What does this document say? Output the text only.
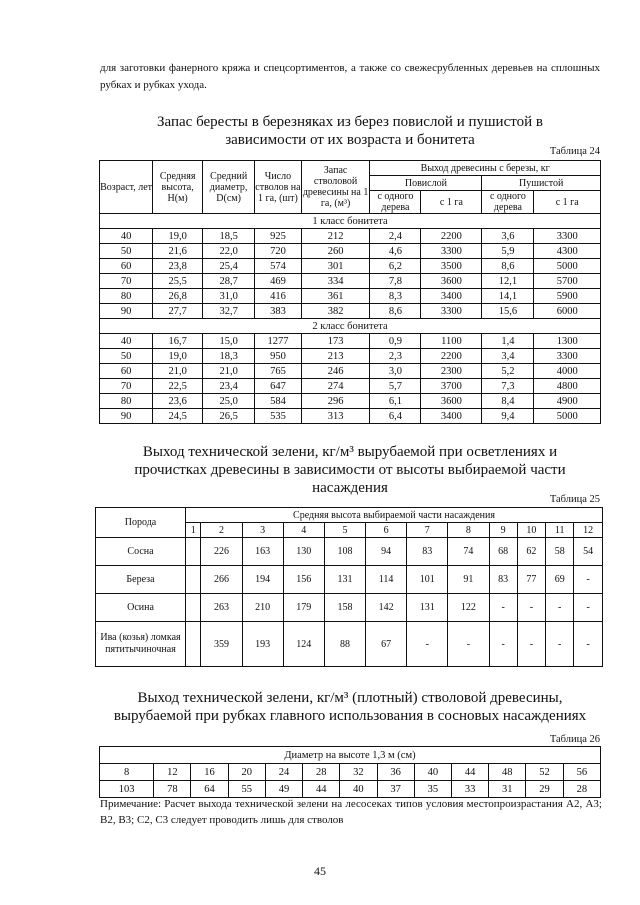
для заготовки фанерного кряжа и спецсортиментов, а также со свежесрубленных деревьев на сплошных рубках и рубках ухода.
Запас бересты в березняках из берез повислой и пушистой в
зависимости от их возраста и бонитета
Таблица 24
Возраст, лет	Средняя высота, Н(м)	Средний диаметр, D(см)	Число стволов на 1 га, (шт)	Запас стволовой древесины на 1 га, (м³)	Выход древесины с березы, кг			
					Повислой		Пушистой	
					с одного дерева	с 1 га	с одного дерева	с 1 га
1 класс бонитета								
40	19,0	18,5	925	212	2,4	2200	3,6	3300
50	21,6	22,0	720	260	4,6	3300	5,9	4300
60	23,8	25,4	574	301	6,2	3500	8,6	5000
70	25,5	28,7	469	334	7,8	3600	12,1	5700
80	26,8	31,0	416	361	8,3	3400	14,1	5900
90	27,7	32,7	383	382	8,6	3300	15,6	6000
2 класс бонитета								
40	16,7	15,0	1277	173	0,9	1100	1,4	1300
50	19,0	18,3	950	213	2,3	2200	3,4	3300
60	21,0	21,0	765	246	3,0	2300	5,2	4000
70	22,5	23,4	647	274	5,7	3700	7,3	4800
80	23,6	25,0	584	296	6,1	3600	8,4	4900
90	24,5	26,5	535	313	6,4	3400	9,4	5000
Выход технической зелени, кг/м³ вырубаемой при осветлениях и
прочистках древесины в зависимости от высоты выбираемой части
насаждения
Таблица 25
Порода	Средняя высота выбираемой части насаждения											
	1	2	3	4	5	6	7	8	9	10	11	12
Сосна		226	163	130	108	94	83	74	68	62	58	54
Береза		266	194	156	131	114	101	91	83	77	69	-
Осина		263	210	179	158	142	131	122	-	-	-	-
Ива (козья) ломкая пятитычиночная		359	193	124	88	67	-	-	-	-	-	-
Выход технической зелени, кг/м³ (плотный) стволовой древесины,
вырубаемой при рубках главного использования в сосновых насаждениях
Таблица 26
Диаметр на высоте 1,3 м (см)												
8	12	16	20	24	28	32	36	40	44	48	52	56
103	78	64	55	49	44	40	37	35	33	31	29	28
Примечание: Расчет выхода технической зелени на лесосеках типов условия местопроизрастания А2, А3; В2, В3; С2, С3 следует проводить лишь для стволов
45
